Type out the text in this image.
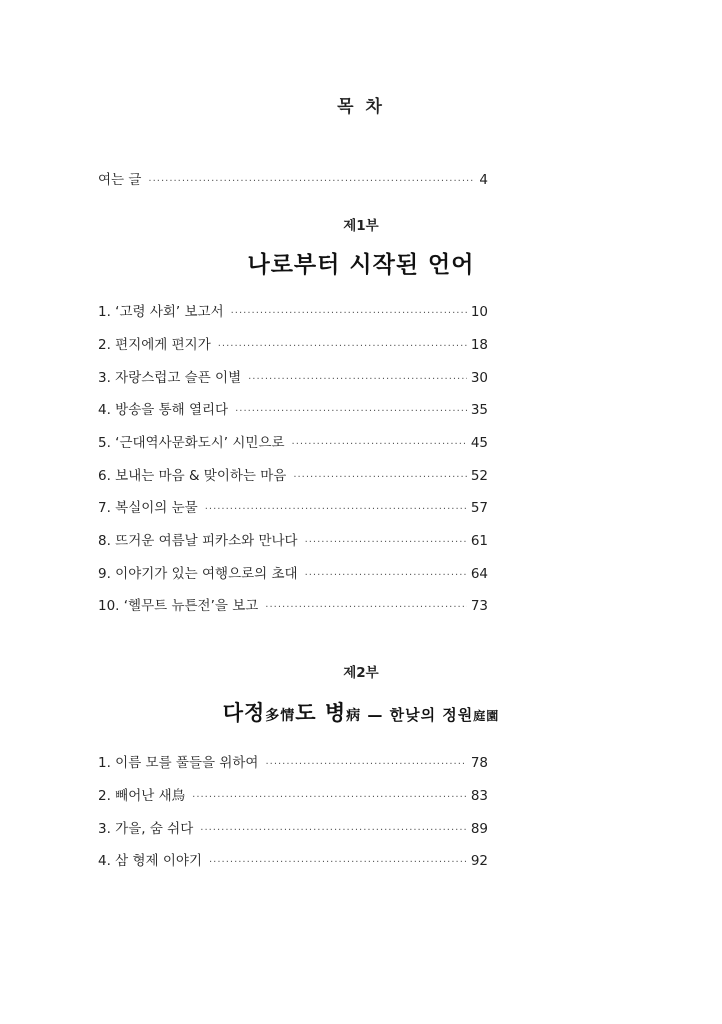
목 차
여는 글 ·····	4
제1부
나로부터 시작된 언어
1. ‘고령 사회’ 보고서 ·····	10
2. 편지에게 편지가 ·····	18
3. 자랑스럽고 슬픈 이별 ·····	30
4. 방송을 통해 열리다 ·····	35
5. ‘근대역사문화도시’ 시민으로 ·····	45
6. 보내는 마음 & 맞이하는 마음 ·····	52
7. 복실이의 눈물 ·····	57
8. 뜨거운 여름날 피카소와 만나다 ·····	61
9. 이야기가 있는 여행으로의 초대 ·····	64
10. ‘헬무트 뉴튼전’을 보고 ·····	73
제2부
다정多情도 병病 — 한낮의 정원庭園
1. 이름 모를 풀들을 위하여 ·····	78
2. 빼어난 새鳥 ·····	83
3. 가을, 숨 쉬다 ·····	89
4. 삼 형제 이야기 ·····	92
